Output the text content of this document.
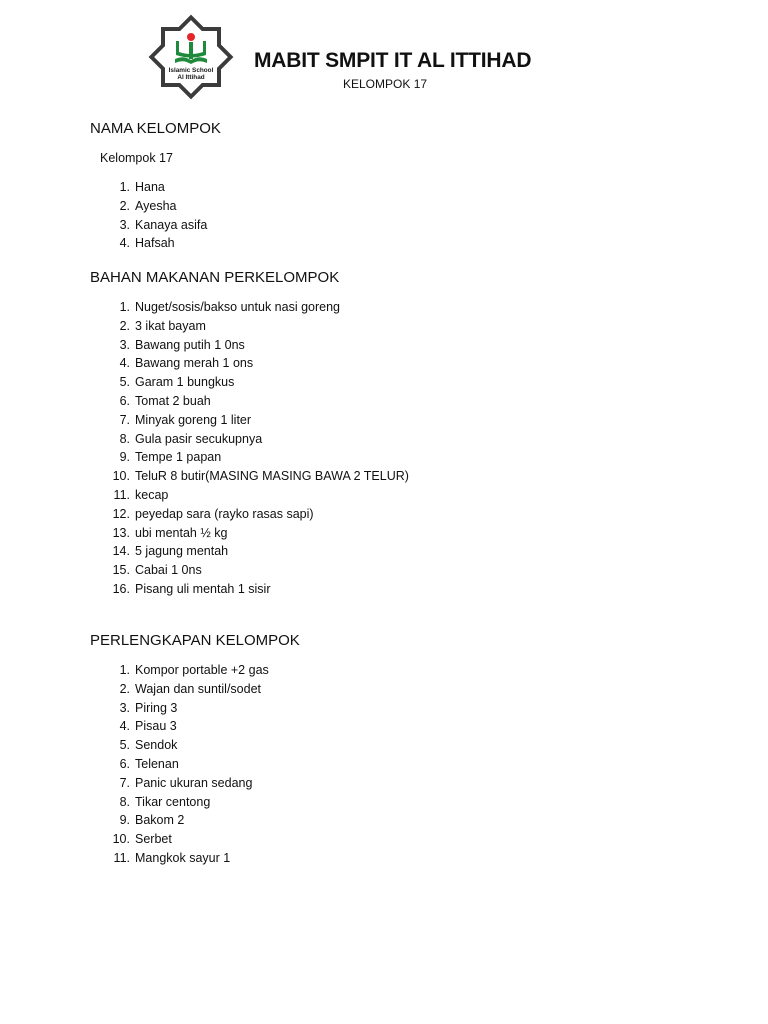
Islamic School
Al Ittihad
MABIT SMPIT IT AL ITTIHAD
KELOMPOK 17

NAMA KELOMPOK

Kelompok 17

1. Hana
2. Ayesha
3. Kanaya asifa
4. Hafsah

BAHAN MAKANAN PERKELOMPOK

1. Nuget/sosis/bakso untuk nasi goreng
2. 3 ikat bayam
3. Bawang putih 1 0ns
4. Bawang merah 1 ons
5. Garam 1 bungkus
6. Tomat 2 buah
7. Minyak goreng 1 liter
8. Gula pasir secukupnya
9. Tempe 1 papan
10. TeluR 8 butir(MASING MASING BAWA 2 TELUR)
11. kecap
12. peyedap sara (rayko rasas sapi)
13. ubi mentah ½ kg
14. 5 jagung mentah
15. Cabai 1 0ns
16. Pisang uli mentah 1 sisir

PERLENGKAPAN KELOMPOK

1. Kompor portable +2 gas
2. Wajan dan suntil/sodet
3. Piring 3
4. Pisau 3
5. Sendok
6. Telenan
7. Panic ukuran sedang
8. Tikar centong
9. Bakom 2
10. Serbet
11. Mangkok sayur 1
